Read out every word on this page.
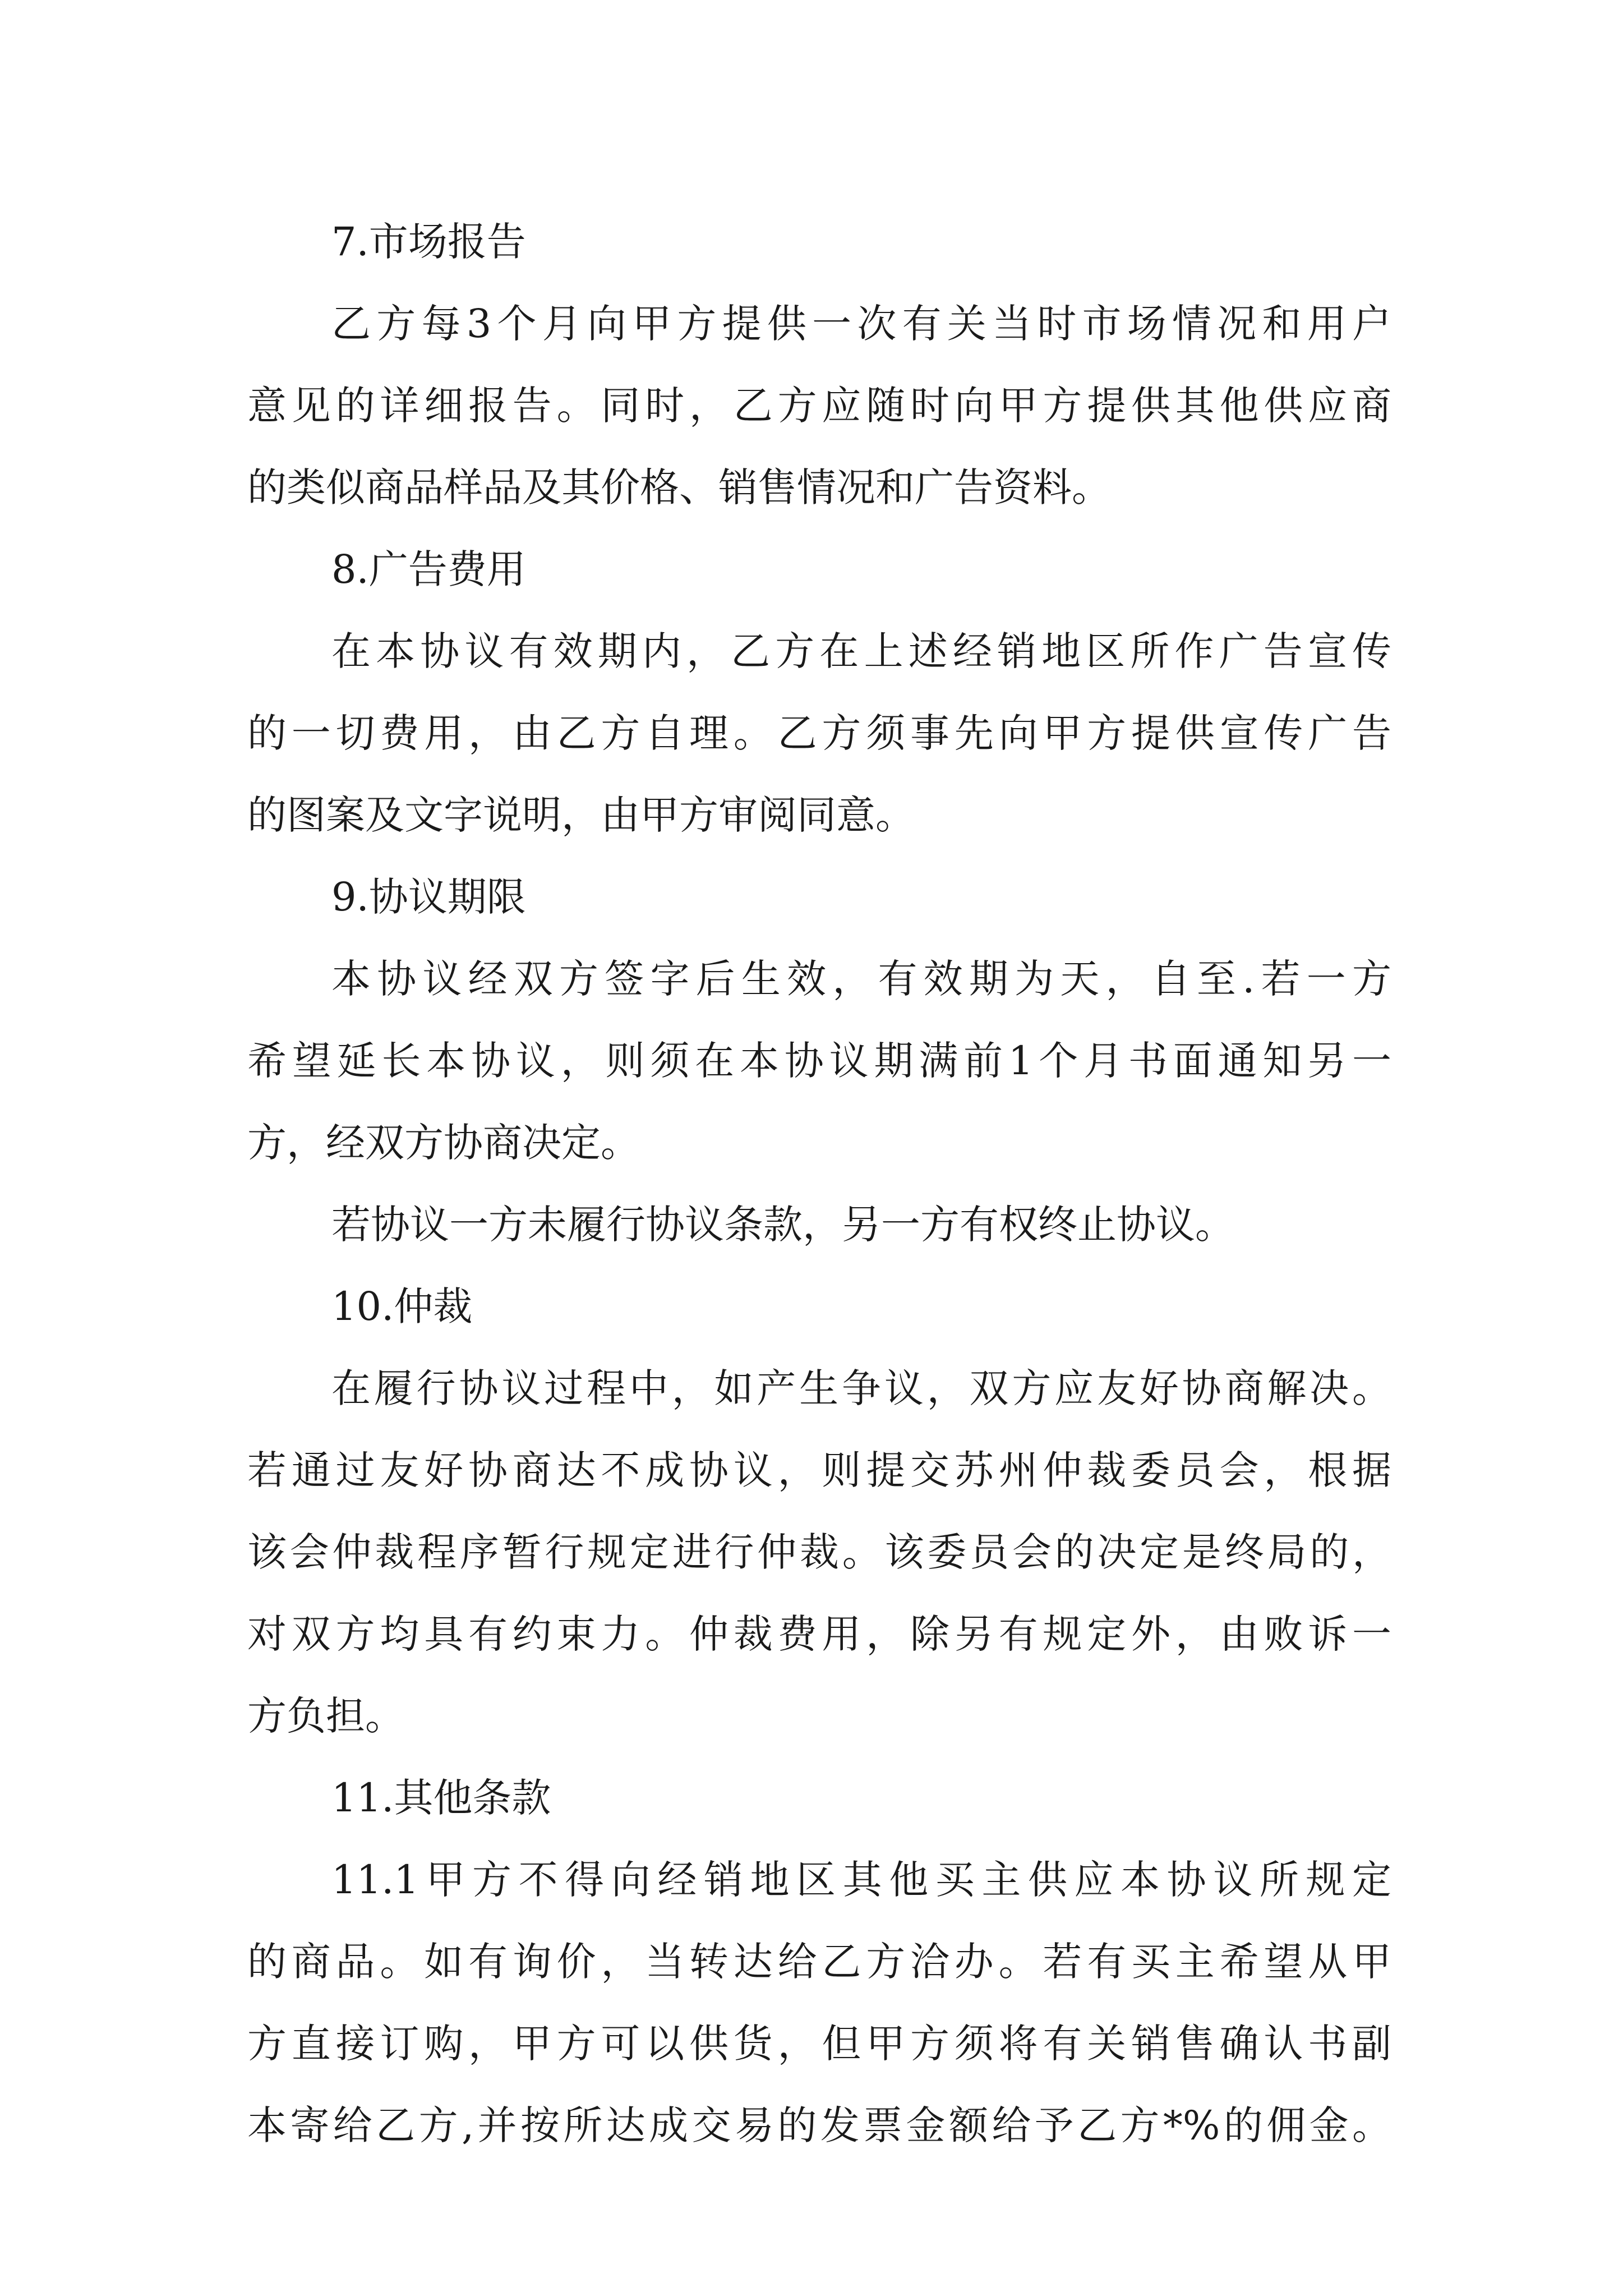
7.市场报告
乙方每3个月向甲方提供一次有关当时市场情况和用户
意见的详细报告。同时，乙方应随时向甲方提供其他供应商
的类似商品样品及其价格、销售情况和广告资料。
8.广告费用
在本协议有效期内，乙方在上述经销地区所作广告宣传
的一切费用，由乙方自理。乙方须事先向甲方提供宣传广告
的图案及文字说明，由甲方审阅同意。
9.协议期限
本协议经双方签字后生效，有效期为天，自至.若一方
希望延长本协议，则须在本协议期满前1个月书面通知另一
方，经双方协商决定。
若协议一方未履行协议条款，另一方有权终止协议。
10.仲裁
在履行协议过程中，如产生争议，双方应友好协商解决。
若通过友好协商达不成协议，则提交苏州仲裁委员会，根据
该会仲裁程序暂行规定进行仲裁。该委员会的决定是终局的，
对双方均具有约束力。仲裁费用，除另有规定外，由败诉一
方负担。
11.其他条款
11.1甲方不得向经销地区其他买主供应本协议所规定
的商品。如有询价，当转达给乙方洽办。若有买主希望从甲
方直接订购，甲方可以供货，但甲方须将有关销售确认书副
本寄给乙方,并按所达成交易的发票金额给予乙方*%的佣金。
